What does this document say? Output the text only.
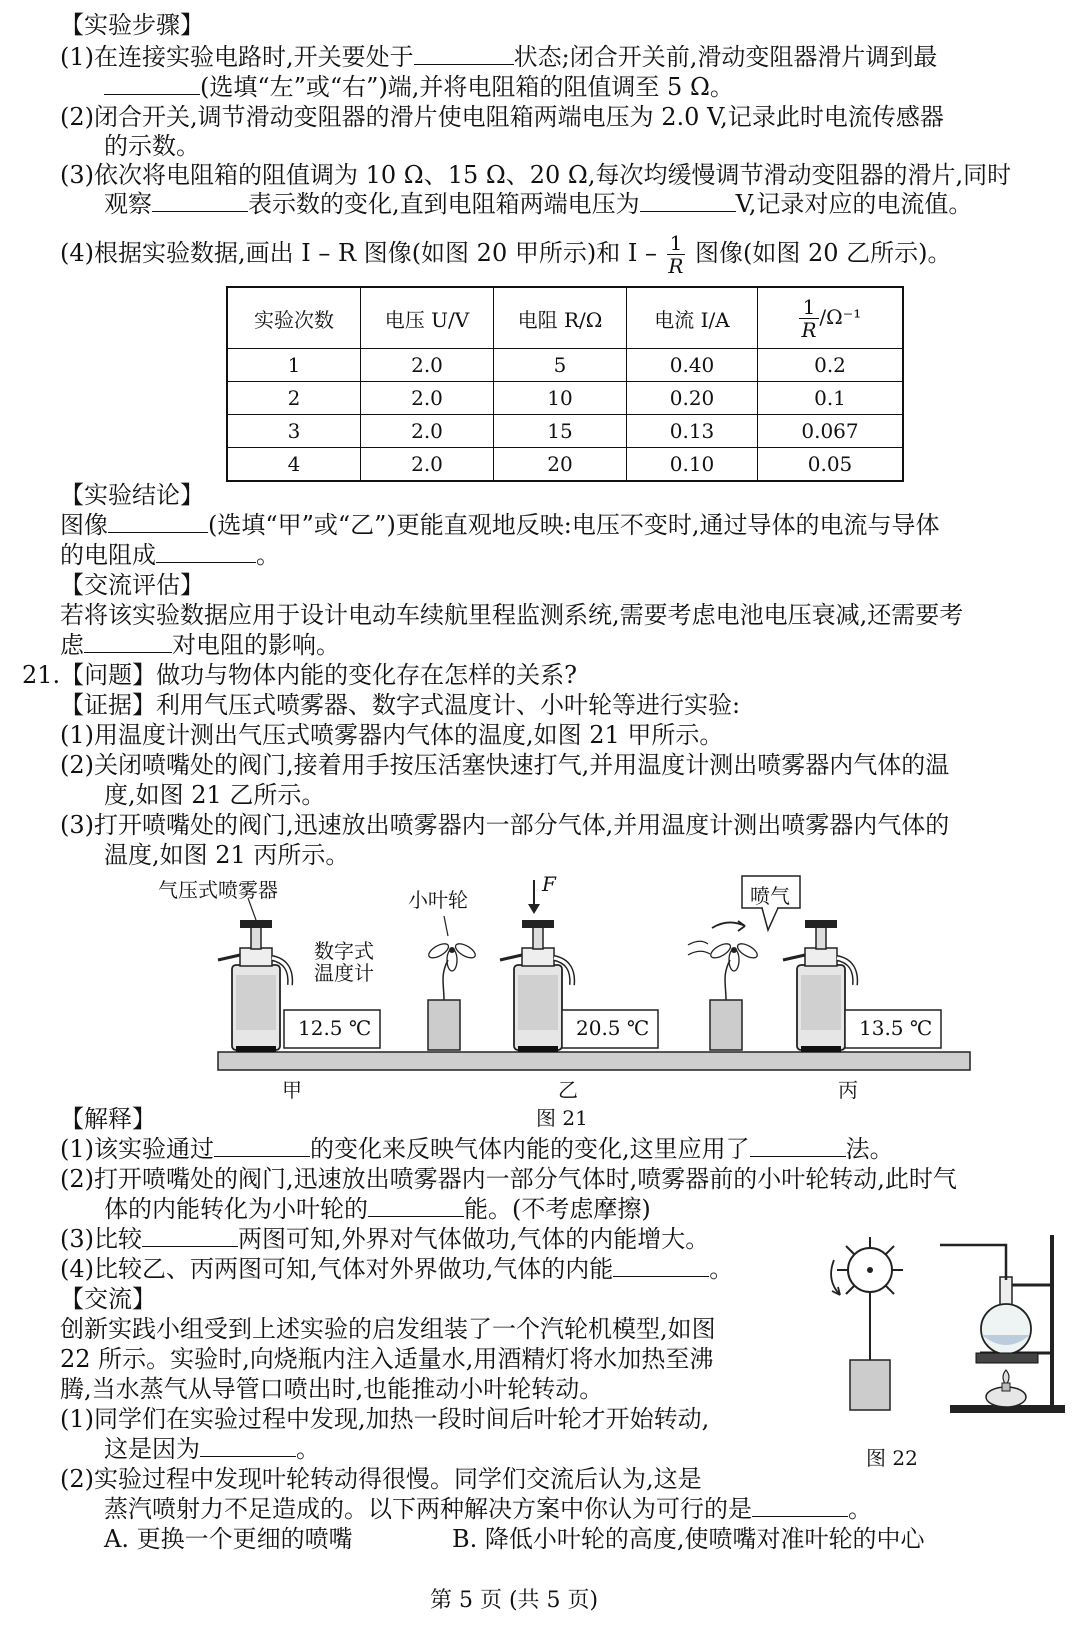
【实验步骤】
(1)在连接实验电路时,开关要处于	状态;闭合开关前,滑动变阻器滑片调到最
(选填“左”或“右”)端,并将电阻箱的阻值调至 5 Ω。
(2)闭合开关,调节滑动变阻器的滑片使电阻箱两端电压为 2.0 V,记录此时电流传感器
的示数。
(3)依次将电阻箱的阻值调为 10 Ω、15 Ω、20 Ω,每次均缓慢调节滑动变阻器的滑片,同时
观察	表示数的变化,直到电阻箱两端电压为	V,记录对应的电流值。
(4)根据实验数据,画出 I – R 图像(如图 20 甲所示)和 I – $\frac{1}{R}$ 图像(如图 20 乙所示)。
实验次数	电压 U/V	电阻 R/Ω	电流 I/A	$\frac{1}{R} /\Omega^{-1}$
1	2.0	5	0.40	0.2
2	2.0	10	0.20	0.1
3	2.0	15	0.13	0.067
4	2.0	20	0.10	0.05
【实验结论】
图像	(选填“甲”或“乙”)更能直观地反映:电压不变时,通过导体的电流与导体
的电阻成	。
【交流评估】
若将该实验数据应用于设计电动车续航里程监测系统,需要考虑电池电压衰减,还需要考
虑	对电阻的影响。
21.【问题】做功与物体内能的变化存在怎样的关系?
【证据】利用气压式喷雾器、数字式温度计、小叶轮等进行实验:
(1)用温度计测出气压式喷雾器内气体的温度,如图 21 甲所示。
(2)关闭喷嘴处的阀门,接着用手按压活塞快速打气,并用温度计测出喷雾器内气体的温
度,如图 21 乙所示。
(3)打开喷嘴处的阀门,迅速放出喷雾器内一部分气体,并用温度计测出喷雾器内气体的
温度,如图 21 丙所示。
气压式喷雾器	小叶轮
F	喷气
数字式
温度计
12.5 ℃	20.5 ℃	13.5 ℃
甲	乙	丙
图 21
【解释】
(1)该实验通过	的变化来反映气体内能的变化,这里应用了	法。
(2)打开喷嘴处的阀门,迅速放出喷雾器内一部分气体时,喷雾器前的小叶轮转动,此时气
体的内能转化为小叶轮的	能。(不考虑摩擦)
(3)比较	两图可知,外界对气体做功,气体的内能增大。
(4)比较乙、丙两图可知,气体对外界做功,气体的内能	。
【交流】
创新实践小组受到上述实验的启发组装了一个汽轮机模型,如图
22 所示。实验时,向烧瓶内注入适量水,用酒精灯将水加热至沸
腾,当水蒸气从导管口喷出时,也能推动小叶轮转动。
(1)同学们在实验过程中发现,加热一段时间后叶轮才开始转动,
这是因为	。
(2)实验过程中发现叶轮转动得很慢。同学们交流后认为,这是
蒸汽喷射力不足造成的。以下两种解决方案中你认为可行的是	。
A. 更换一个更细的喷嘴	B. 降低小叶轮的高度,使喷嘴对准叶轮的中心
图 22
第 5 页 (共 5 页)
